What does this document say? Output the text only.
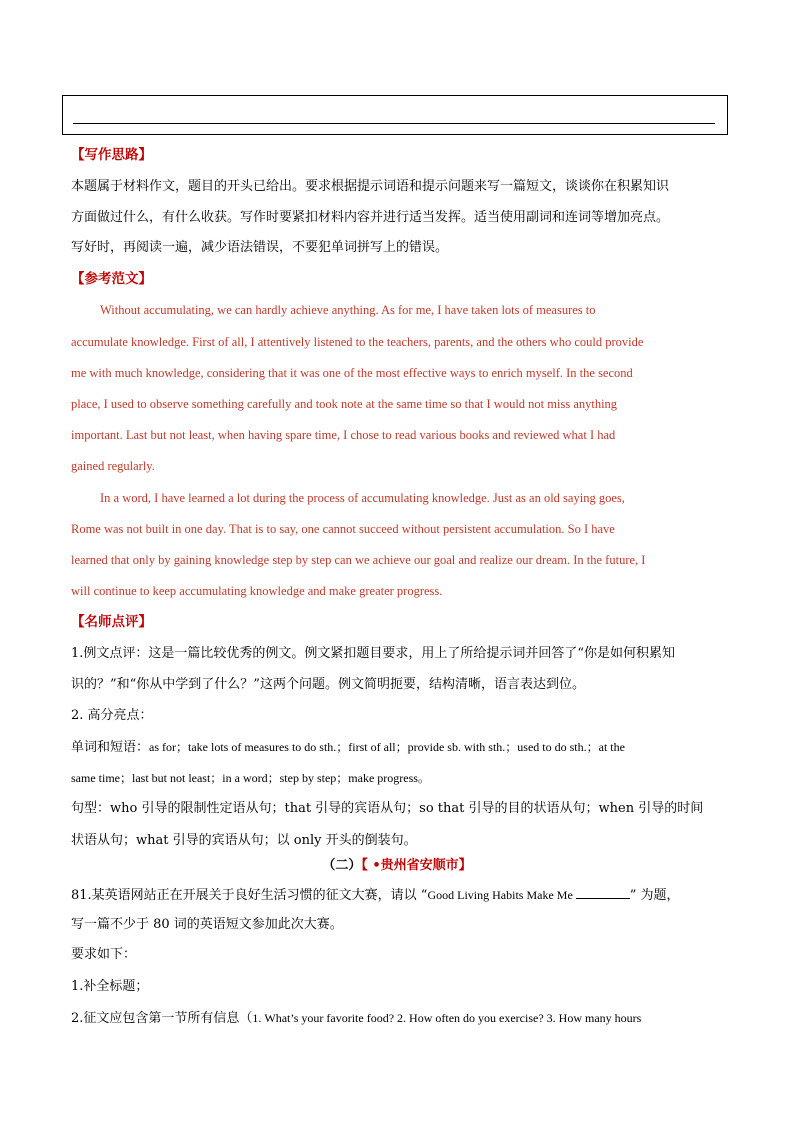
【写作思路】
本题属于材料作文，题目的开头已给出。要求根据提示词语和提示问题来写一篇短文，谈谈你在积累知识
方面做过什么，有什么收获。写作时要紧扣材料内容并进行适当发挥。适当使用副词和连词等增加亮点。
写好时，再阅读一遍，减少语法错误，不要犯单词拼写上的错误。
【参考范文】
Without accumulating, we can hardly achieve anything. As for me, I have taken lots of measures to
accumulate knowledge. First of all, I attentively listened to the teachers, parents, and the others who could provide
me with much knowledge, considering that it was one of the most effective ways to enrich myself. In the second
place, I used to observe something carefully and took note at the same time so that I would not miss anything
important. Last but not least, when having spare time, I chose to read various books and reviewed what I had
gained regularly.
In a word, I have learned a lot during the process of accumulating knowledge. Just as an old saying goes,
Rome was not built in one day. That is to say, one cannot succeed without persistent accumulation. So I have
learned that only by gaining knowledge step by step can we achieve our goal and realize our dream. In the future, I
will continue to keep accumulating knowledge and make greater progress.
【名师点评】
1.例文点评：这是一篇比较优秀的例文。例文紧扣题目要求，用上了所给提示词并回答了“你是如何积累知
识的？”和“你从中学到了什么？”这两个问题。例文简明扼要，结构清晰，语言表达到位。
2. 高分亮点：
单词和短语：as for；take lots of measures to do sth.；first of all；provide sb. with sth.；used to do sth.；at the
same time；last but not least；in a word；step by step；make progress。
句型：who 引导的限制性定语从句；that 引导的宾语从句；so that 引导的目的状语从句；when 引导的时间
状语从句；what 引导的宾语从句；以 only 开头的倒装句。
（二）【 •贵州省安顺市】
81.某英语网站正在开展关于良好生活习惯的征文大赛，请以 “Good Living Habits Make Me	” 为题，
写一篇不少于 80 词的英语短文参加此次大赛。
要求如下：
1.补全标题；
2.征文应包含第一节所有信息（1. What’s your favorite food? 2. How often do you exercise? 3. How many hours
